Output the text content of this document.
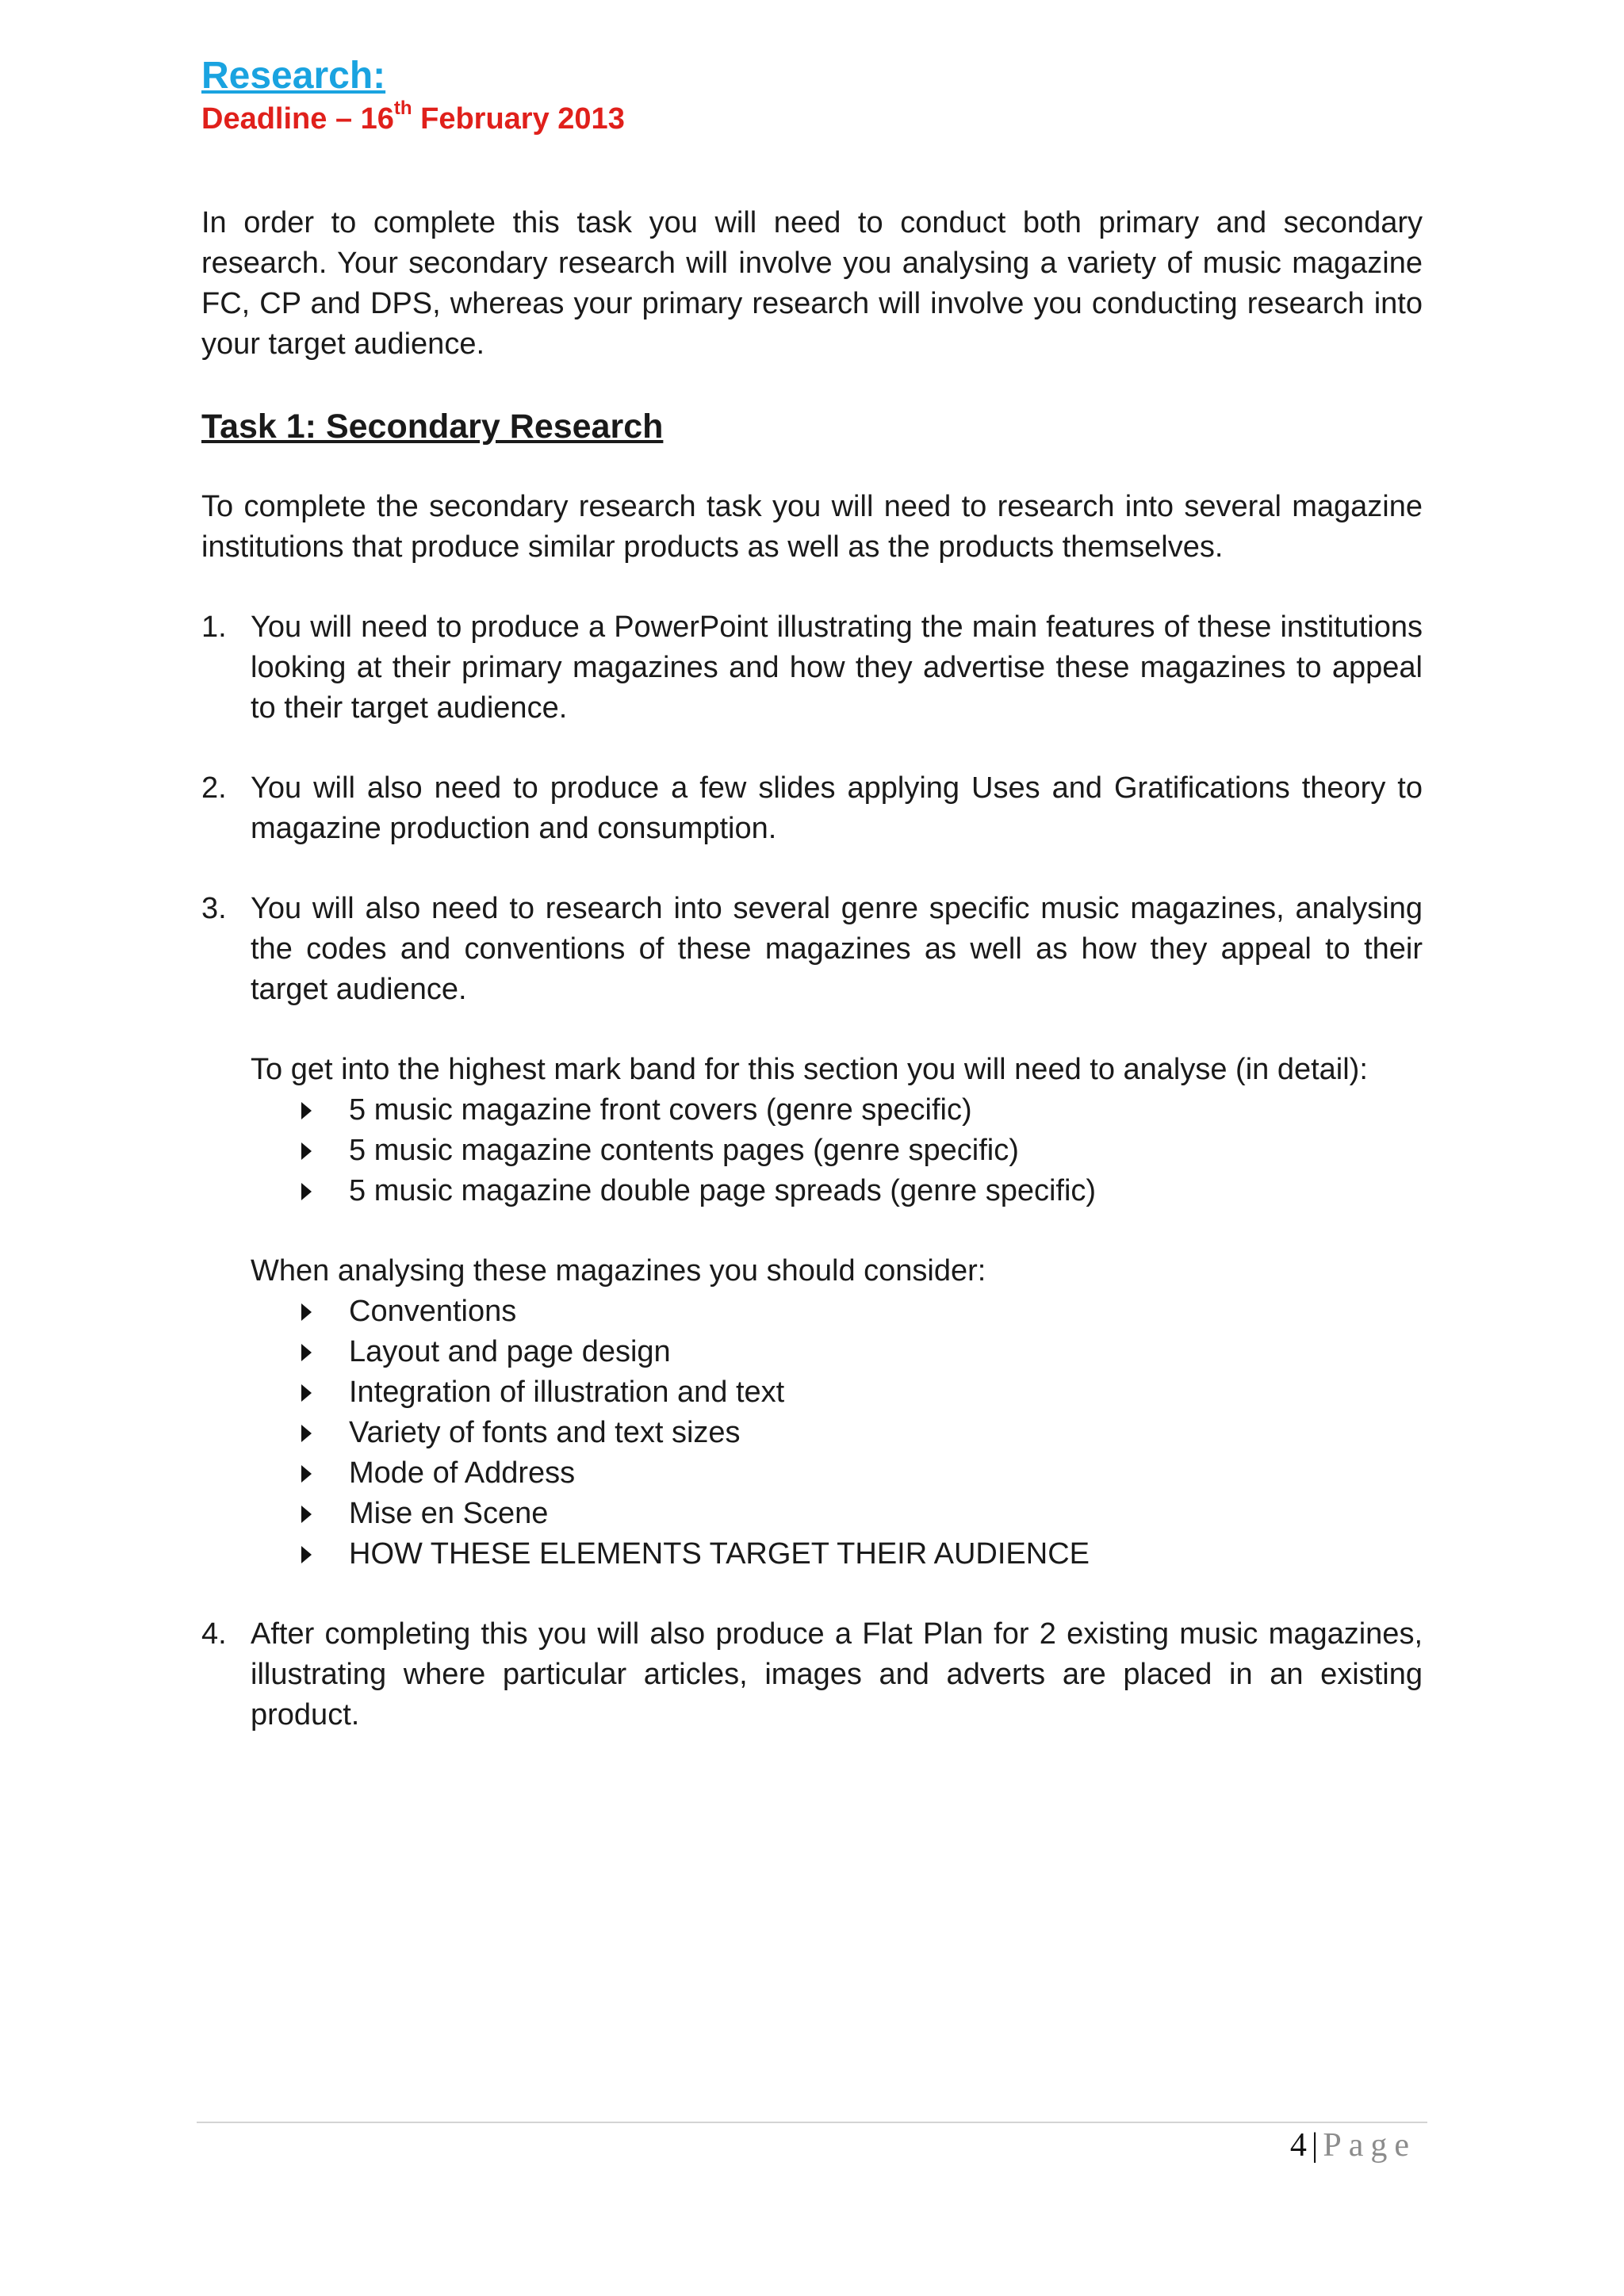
Research:

Deadline – 16th February 2013

In order to complete this task you will need to conduct both primary and secondary research. Your secondary research will involve you analysing a variety of music magazine FC, CP and DPS, whereas your primary research will involve you conducting research into your target audience.

Task 1: Secondary Research

To complete the secondary research task you will need to research into several magazine institutions that produce similar products as well as the products themselves.

1. You will need to produce a PowerPoint illustrating the main features of these institutions looking at their primary magazines and how they advertise these magazines to appeal to their target audience.

2. You will also need to produce a few slides applying Uses and Gratifications theory to magazine production and consumption.

3. You will also need to research into several genre specific music magazines, analysing the codes and conventions of these magazines as well as how they appeal to their target audience.

To get into the highest mark band for this section you will need to analyse (in detail):

5 music magazine front covers (genre specific)
5 music magazine contents pages (genre specific)
5 music magazine double page spreads (genre specific)

When analysing these magazines you should consider:

Conventions
Layout and page design
Integration of illustration and text
Variety of fonts and text sizes
Mode of Address
Mise en Scene
HOW THESE ELEMENTS TARGET THEIR AUDIENCE
4. After completing this you will also produce a Flat Plan for 2 existing music magazines, illustrating where particular articles, images and adverts are placed in an existing product.

4 | Page
